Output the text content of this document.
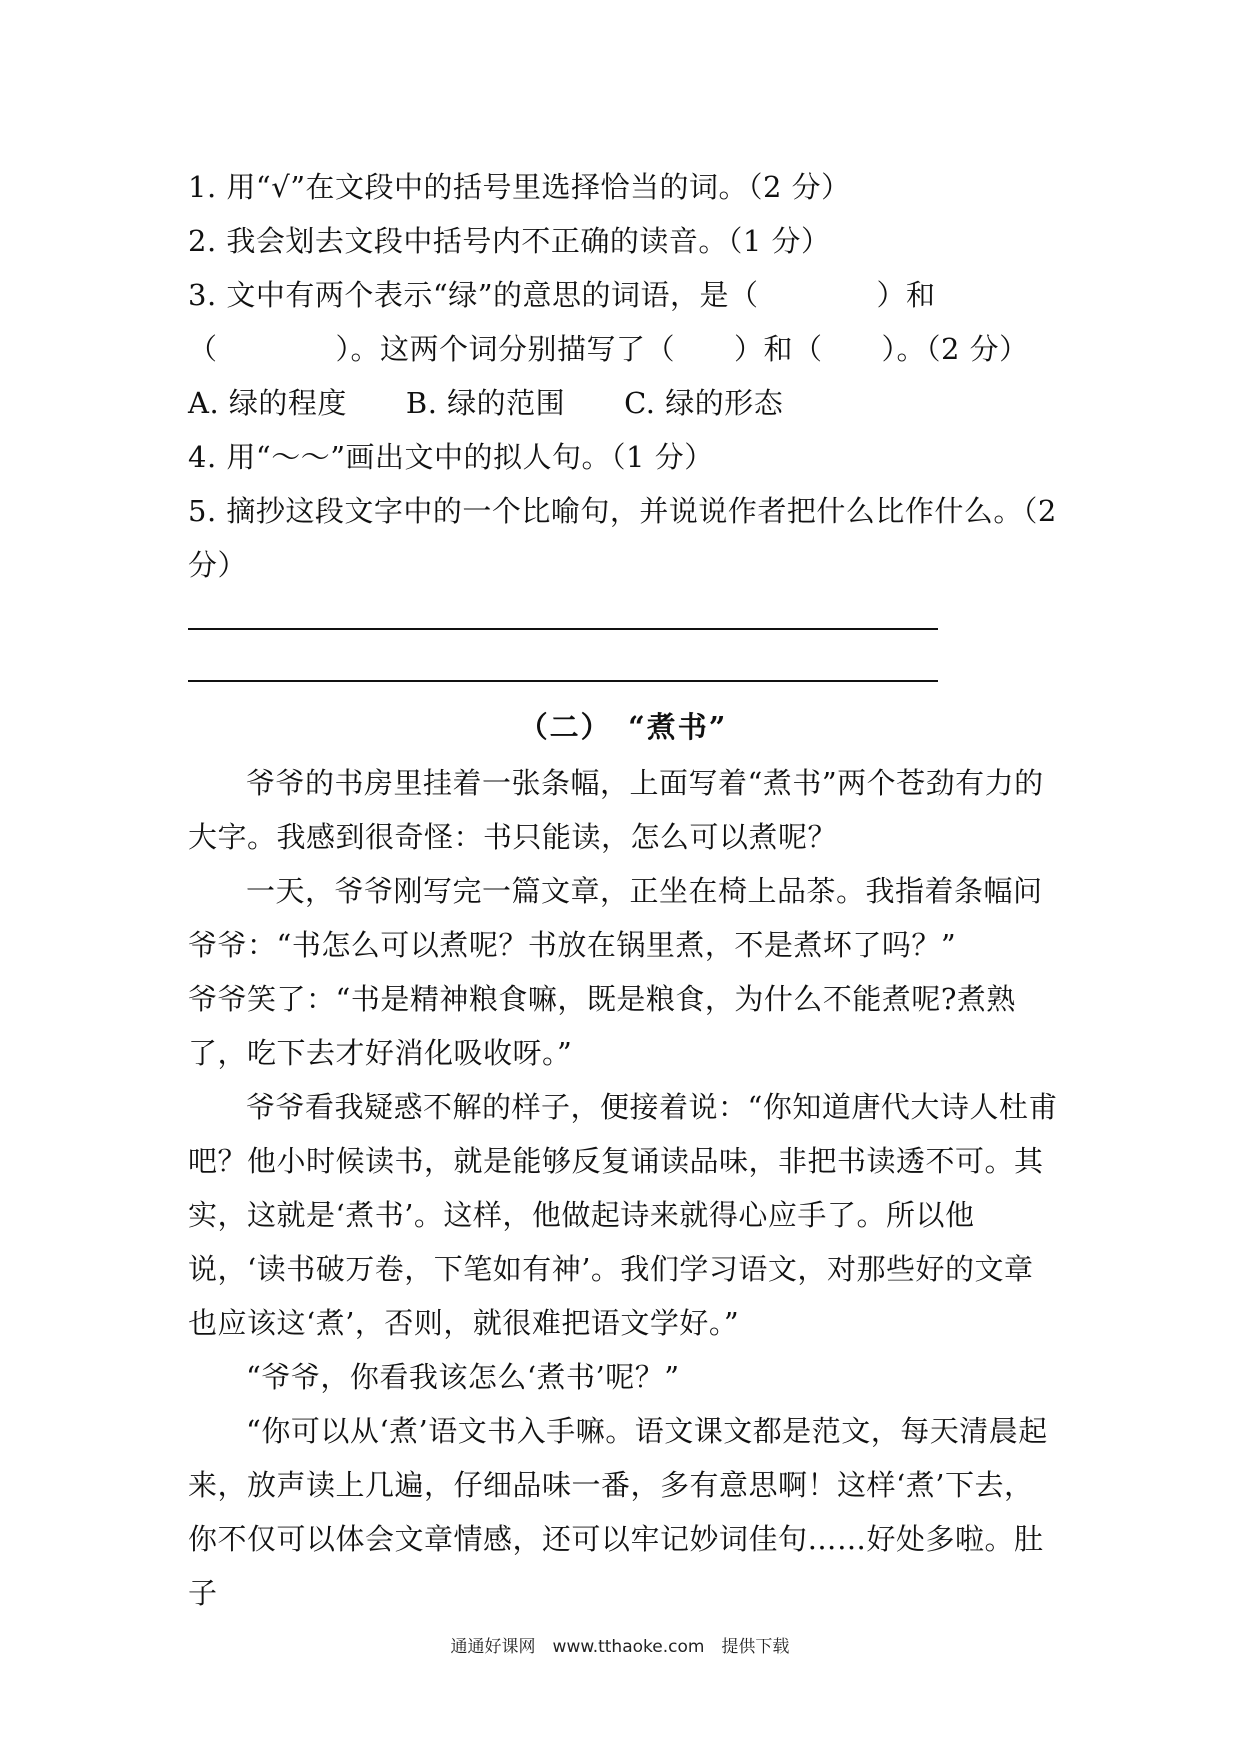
1. 用“√”在文段中的括号里选择恰当的词。（2 分）

2. 我会划去文段中括号内不正确的读音。（1 分）

3. 文中有两个表示“绿”的意思的词语，是（　　　　）和（　　　　）。这两个词分别描写了（　　）和（　　）。（2 分）A. 绿的程度　　B. 绿的范围　　C. 绿的形态

4. 用“～～”画出文中的拟人句。（1 分）

5. 摘抄这段文字中的一个比喻句，并说说作者把什么比作什么。（2 分）

（二）　“煮书”

爷爷的书房里挂着一张条幅，上面写着“煮书”两个苍劲有力的大字。我感到很奇怪：书只能读，怎么可以煮呢？

一天，爷爷刚写完一篇文章，正坐在椅上品茶。我指着条幅问爷爷：“书怎么可以煮呢？书放在锅里煮，不是煮坏了吗？”

爷爷笑了：“书是精神粮食嘛，既是粮食，为什么不能煮呢?煮熟了，吃下去才好消化吸收呀。”

爷爷看我疑惑不解的样子，便接着说：“你知道唐代大诗人杜甫吧？他小时候读书，就是能够反复诵读品味，非把书读透不可。其实，这就是‘煮书’。这样，他做起诗来就得心应手了。所以他说，‘读书破万卷，下笔如有神’。我们学习语文，对那些好的文章也应该这‘煮’，否则，就很难把语文学好。”

“爷爷，你看我该怎么‘煮书’呢？”

“你可以从‘煮’语文书入手嘛。语文课文都是范文，每天清晨起来，放声读上几遍，仔细品味一番，多有意思啊！这样‘煮’下去，你不仅可以体会文章情感，还可以牢记妙词佳句……好处多啦。肚子

通通好课网　www.tthaoke.com　提供下载
